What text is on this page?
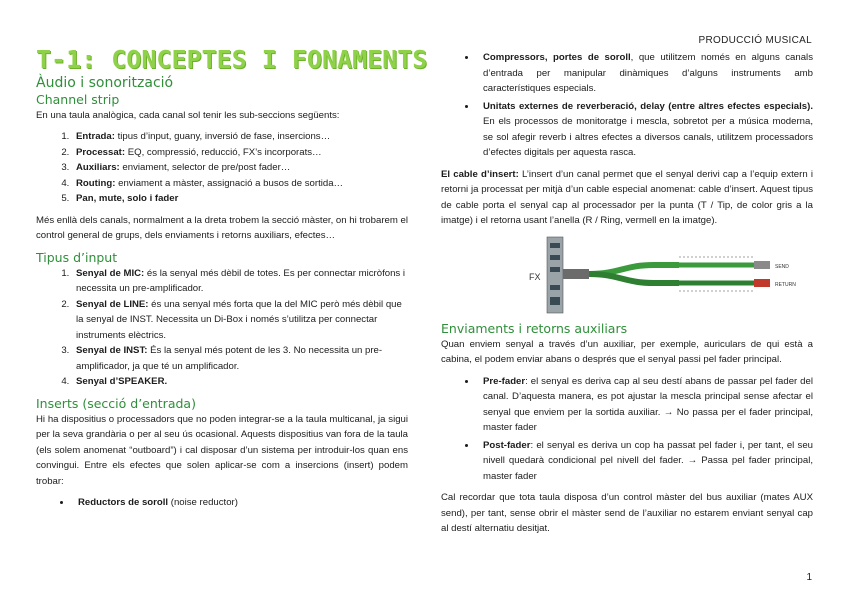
PRODUCCIÓ MUSICAL
T-1: CONCEPTES I FONAMENTS
Àudio i sonorització
Channel strip

En una taula analògica, cada canal sol tenir les sub-seccions següents:

1. Entrada: tipus d’input, guany, inversió de fase, insercions…
2. Processat: EQ, compressió, reducció, FX’s incorporats…
3. Auxiliars: enviament, selector de pre/post fader…
4. Routing: enviament a màster, assignació a busos de sortida…
5. Pan, mute, solo i fader

Més enllà dels canals, normalment a la dreta trobem la secció màster, on hi trobarem el control general de grups, dels enviaments i retorns auxiliars, efectes…

Tipus d’input
1. Senyal de MIC: és la senyal més dèbil de totes. Es per connectar micròfons i necessita un pre-amplificador.
2. Senyal de LINE: és una senyal més forta que la del MIC però més dèbil que la senyal de INST. Necessita un Di-Box i només s’utilitza per connectar instruments elèctrics.
3. Senyal de INST: És la senyal més potent de les 3. No necessita un pre-amplificador, ja que té un amplificador.
4. Senyal d’SPEAKER.
Inserts (secció d’entrada)

Hi ha dispositius o processadors que no poden integrar-se a la taula multicanal, ja sigui per la seva grandària o per al seu ús ocasional. Aquests dispositius van fora de la taula (els solem anomenat “outboard”) i cal disposar d’un sistema per introduir-los quan ens convingui. Entre els efectes que solen aplicar-se com a insercions (insert) podem trobar:

• Reductors de soroll (noise reductor)
• Compressors, portes de soroll, que utilitzem només en alguns canals d’entrada per manipular dinàmiques d’alguns instruments amb característiques especials.
• Unitats externes de reverberació, delay (entre altres efectes especials). En els processos de monitoratge i mescla, sobretot per a música moderna, se sol afegir reverb i altres efectes a diversos canals, utilitzem processadors d’efectes digitals per aquesta rasca.

El cable d’insert: L’insert d’un canal permet que el senyal derivi cap a l’equip extern i retorni ja processat per mitjà d’un cable especial anomenat: cable d’insert. Aquest tipus de cable porta el senyal cap al processador per la punta (T / Tip, de color gris a la imatge) i el retorna usant l’anella (R / Ring, vermell en la imatge).

FX
SEND
RETURN
Enviaments i retorns auxiliars

Quan enviem senyal a través d’un auxiliar, per exemple, auriculars de qui està a cabina, el podem enviar abans o després que el senyal passi pel fader principal.

• Pre-fader: el senyal es deriva cap al seu destí abans de passar pel fader del canal. D’aquesta manera, es pot ajustar la mescla principal sense afectar el senyal que enviem per la sortida auxiliar. → No passa per el fader principal, master fader
• Post-fader: el senyal es deriva un cop ha passat pel fader i, per tant, el seu nivell quedarà condicional pel nivell del fader. → Passa pel fader principal, master fader

Cal recordar que tota taula disposa d’un control màster del bus auxiliar (mates AUX send), per tant, sense obrir el màster send de l’auxiliar no estarem enviant senyal cap al destí alternatiu desitjat.

1
